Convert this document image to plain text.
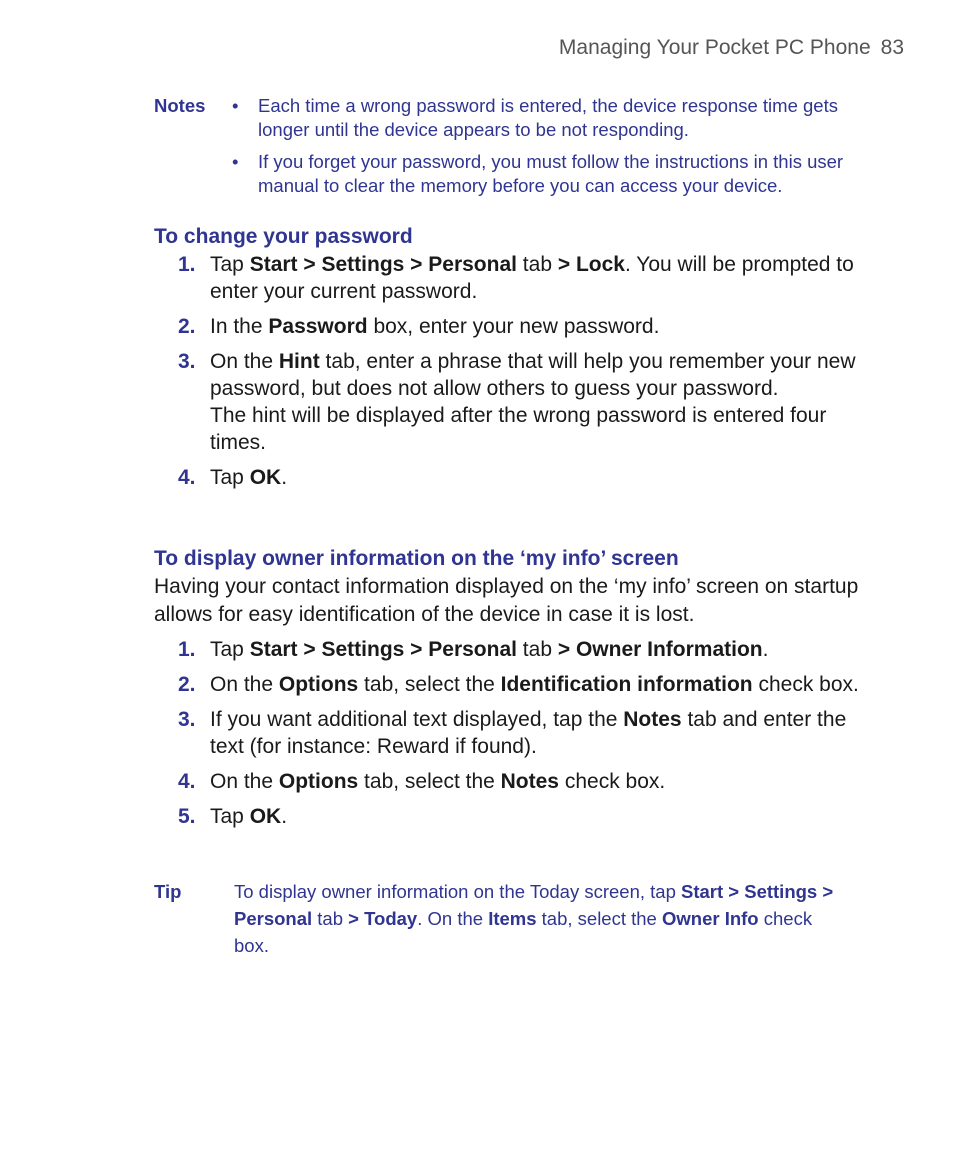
Managing Your Pocket PC Phone 83
Notes • Each time a wrong password is entered, the device response time gets longer until the device appears to be not responding.
• If you forget your password, you must follow the instructions in this user manual to clear the memory before you can access your device.
To change your password
1. Tap Start > Settings > Personal tab > Lock. You will be prompted to enter your current password.
2. In the Password box, enter your new password.
3. On the Hint tab, enter a phrase that will help you remember your new password, but does not allow others to guess your password.
The hint will be displayed after the wrong password is entered four times.
4. Tap OK.
To display owner information on the ‘my info’ screen
Having your contact information displayed on the ‘my info’ screen on startup allows for easy identification of the device in case it is lost.
1. Tap Start > Settings > Personal tab > Owner Information.
2. On the Options tab, select the Identification information check box.
3. If you want additional text displayed, tap the Notes tab and enter the text (for instance: Reward if found).
4. On the Options tab, select the Notes check box.
5. Tap OK.
Tip	To display owner information on the Today screen, tap Start > Settings >
Personal tab > Today. On the Items tab, select the Owner Info check
box.
